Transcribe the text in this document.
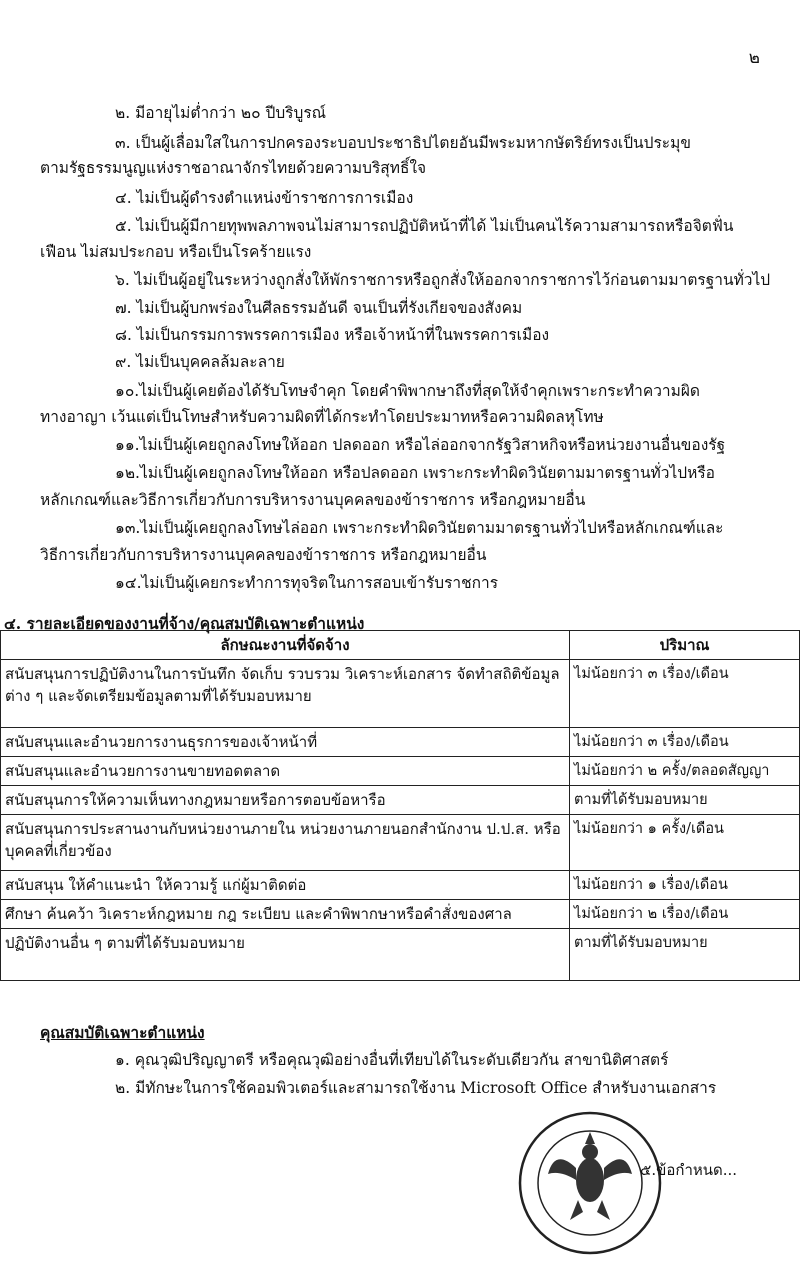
๒
๒. มีอายุไม่ต่ำกว่า ๒๐ ปีบริบูรณ์
๓. เป็นผู้เลื่อมใสในการปกครองระบอบประชาธิปไตยอันมีพระมหากษัตริย์ทรงเป็นประมุข
ตามรัฐธรรมนูญแห่งราชอาณาจักรไทยด้วยความบริสุทธิ์ใจ
๔. ไม่เป็นผู้ดำรงตำแหน่งข้าราชการการเมือง
๕. ไม่เป็นผู้มีกายทุพพลภาพจนไม่สามารถปฏิบัติหน้าที่ได้ ไม่เป็นคนไร้ความสามารถหรือจิตฟั่น
เฟือน ไม่สมประกอบ หรือเป็นโรคร้ายแรง
๖. ไม่เป็นผู้อยู่ในระหว่างถูกสั่งให้พักราชการหรือถูกสั่งให้ออกจากราชการไว้ก่อนตามมาตรฐานทั่วไป
๗. ไม่เป็นผู้บกพร่องในศีลธรรมอันดี จนเป็นที่รังเกียจของสังคม
๘. ไม่เป็นกรรมการพรรคการเมือง หรือเจ้าหน้าที่ในพรรคการเมือง
๙. ไม่เป็นบุคคลล้มละลาย
๑๐.ไม่เป็นผู้เคยต้องได้รับโทษจำคุก โดยคำพิพากษาถึงที่สุดให้จำคุกเพราะกระทำความผิด
ทางอาญา เว้นแต่เป็นโทษสำหรับความผิดที่ได้กระทำโดยประมาทหรือความผิดลหุโทษ
๑๑.ไม่เป็นผู้เคยถูกลงโทษให้ออก ปลดออก หรือไล่ออกจากรัฐวิสาหกิจหรือหน่วยงานอื่นของรัฐ
๑๒.ไม่เป็นผู้เคยถูกลงโทษให้ออก หรือปลดออก เพราะกระทำผิดวินัยตามมาตรฐานทั่วไปหรือ
หลักเกณฑ์และวิธีการเกี่ยวกับการบริหารงานบุคคลของข้าราชการ หรือกฎหมายอื่น
๑๓.ไม่เป็นผู้เคยถูกลงโทษไล่ออก เพราะกระทำผิดวินัยตามมาตรฐานทั่วไปหรือหลักเกณฑ์และ
วิธีการเกี่ยวกับการบริหารงานบุคคลของข้าราชการ หรือกฎหมายอื่น
๑๔.ไม่เป็นผู้เคยกระทำการทุจริตในการสอบเข้ารับราชการ
๔. รายละเอียดของงานที่จ้าง/คุณสมบัติเฉพาะตำแหน่ง
ลักษณะงานที่จัดจ้าง	ปริมาณ
สนับสนุนการปฏิบัติงานในการบันทึก จัดเก็บ รวบรวม วิเคราะห์เอกสาร จัดทำสถิติข้อมูล ต่าง ๆ และจัดเตรียมข้อมูลตามที่ได้รับมอบหมาย	ไม่น้อยกว่า ๓ เรื่อง/เดือน
สนับสนุนและอำนวยการงานธุรการของเจ้าหน้าที่	ไม่น้อยกว่า ๓ เรื่อง/เดือน
สนับสนุนและอำนวยการงานขายทอดตลาด	ไม่น้อยกว่า ๒ ครั้ง/ตลอดสัญญา
สนับสนุนการให้ความเห็นทางกฎหมายหรือการตอบข้อหารือ	ตามที่ได้รับมอบหมาย
สนับสนุนการประสานงานกับหน่วยงานภายใน หน่วยงานภายนอกสำนักงาน ป.ป.ส. หรือบุคคลที่เกี่ยวข้อง	ไม่น้อยกว่า ๑ ครั้ง/เดือน
สนับสนุน ให้คำแนะนำ ให้ความรู้ แก่ผู้มาติดต่อ	ไม่น้อยกว่า ๑ เรื่อง/เดือน
ศึกษา ค้นคว้า วิเคราะห์กฎหมาย กฎ ระเบียบ และคำพิพากษาหรือคำสั่งของศาล	ไม่น้อยกว่า ๒ เรื่อง/เดือน
ปฏิบัติงานอื่น ๆ ตามที่ได้รับมอบหมาย	ตามที่ได้รับมอบหมาย
คุณสมบัติเฉพาะตำแหน่ง
๑. คุณวุฒิปริญญาตรี หรือคุณวุฒิอย่างอื่นที่เทียบได้ในระดับเดียวกัน สาขานิติศาสตร์
๒. มีทักษะในการใช้คอมพิวเตอร์และสามารถใช้งาน Microsoft Office สำหรับงานเอกสาร
๕.ข้อกำหนด...
